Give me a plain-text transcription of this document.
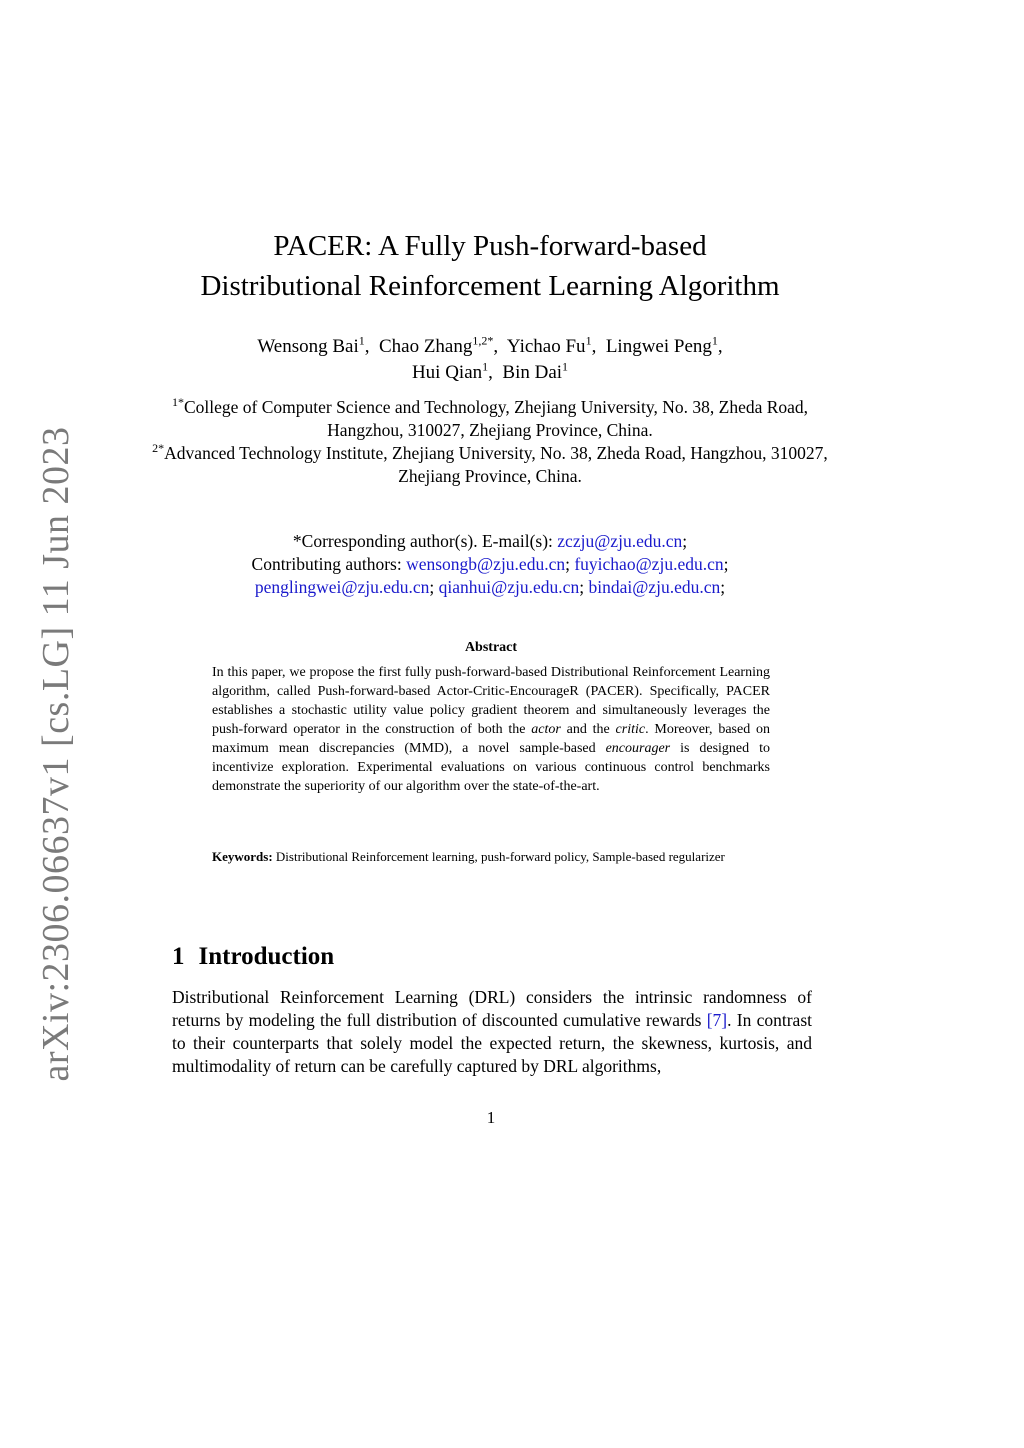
arXiv:2306.06637v1 [cs.LG] 11 Jun 2023
PACER: A Fully Push-forward-based
Distributional Reinforcement Learning Algorithm
Wensong Bai$^1$,  Chao Zhang$^{1,2*}$,  Yichao Fu$^1$,  Lingwei Peng$^1$,
Hui Qian$^1$,  Bin Dai$^1$
$^{1*}$College of Computer Science and Technology, Zhejiang University, No. 38, Zheda Road, Hangzhou, 310027, Zhejiang Province, China.
$^{2*}$Advanced Technology Institute, Zhejiang University, No. 38, Zheda Road, Hangzhou, 310027, Zhejiang Province, China.
*Corresponding author(s). E-mail(s): zczju@zju.edu.cn;
Contributing authors: wensongb@zju.edu.cn; fuyichao@zju.edu.cn;
penglingwei@zju.edu.cn; qianhui@zju.edu.cn; bindai@zju.edu.cn;
Abstract
In this paper, we propose the first fully push-forward-based Distributional Reinforcement Learning algorithm, called Push-forward-based Actor-Critic-EncourageR (PACER). Specifically, PACER establishes a stochastic utility value policy gradient theorem and simultaneously leverages the push-forward operator in the construction of both the actor and the critic. Moreover, based on maximum mean discrepancies (MMD), a novel sample-based encourager is designed to incentivize exploration. Experimental evaluations on various continuous control benchmarks demonstrate the superiority of our algorithm over the state-of-the-art.
Keywords: Distributional Reinforcement learning, push-forward policy, Sample-based regularizer
1 Introduction
Distributional Reinforcement Learning (DRL) considers the intrinsic randomness of returns by modeling the full distribution of discounted cumulative rewards [7]. In contrast to their counterparts that solely model the expected return, the skewness, kurtosis, and multimodality of return can be carefully captured by DRL algorithms,
1
